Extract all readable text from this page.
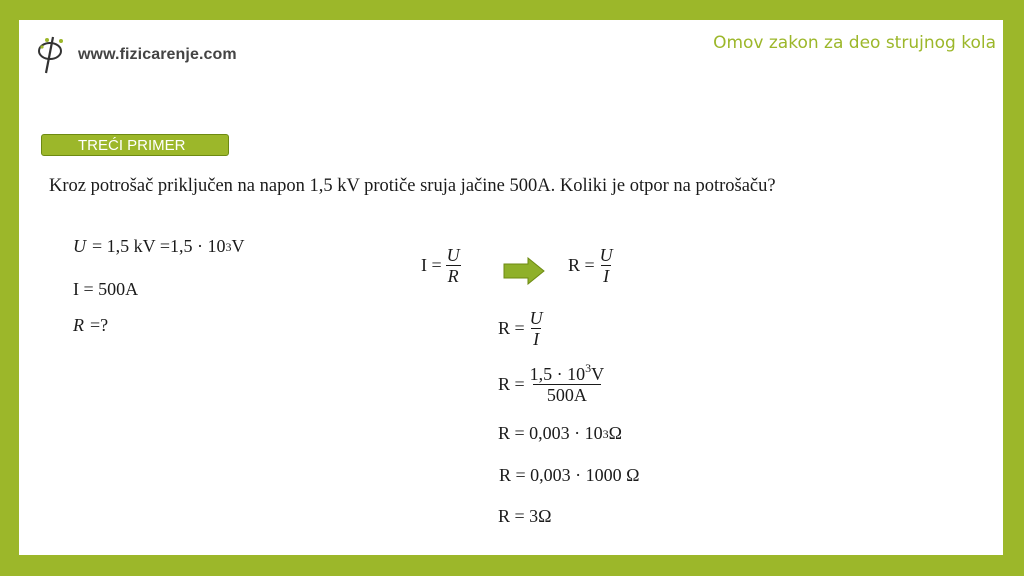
www.fizicarenje.com
Omov zakon za deo strujnog kola
TREĆI PRIMER
Kroz potrošač priključen na napon 1,5 kV protiče sruja jačine 500A. Koliki je otpor na potrošaču?
U = 1,5 kV =1,5 · 10 3 V
I = 500A
R =?
$I = \frac{U}{R}$	$R = \frac{U}{I}$
$R = \frac{U}{I}$
$R = \frac{1,5 \cdot 10^3V}{500A}$
R = 0,003 · 10 3 Ω
R = 0,003 · 1000 Ω
R = 3Ω
